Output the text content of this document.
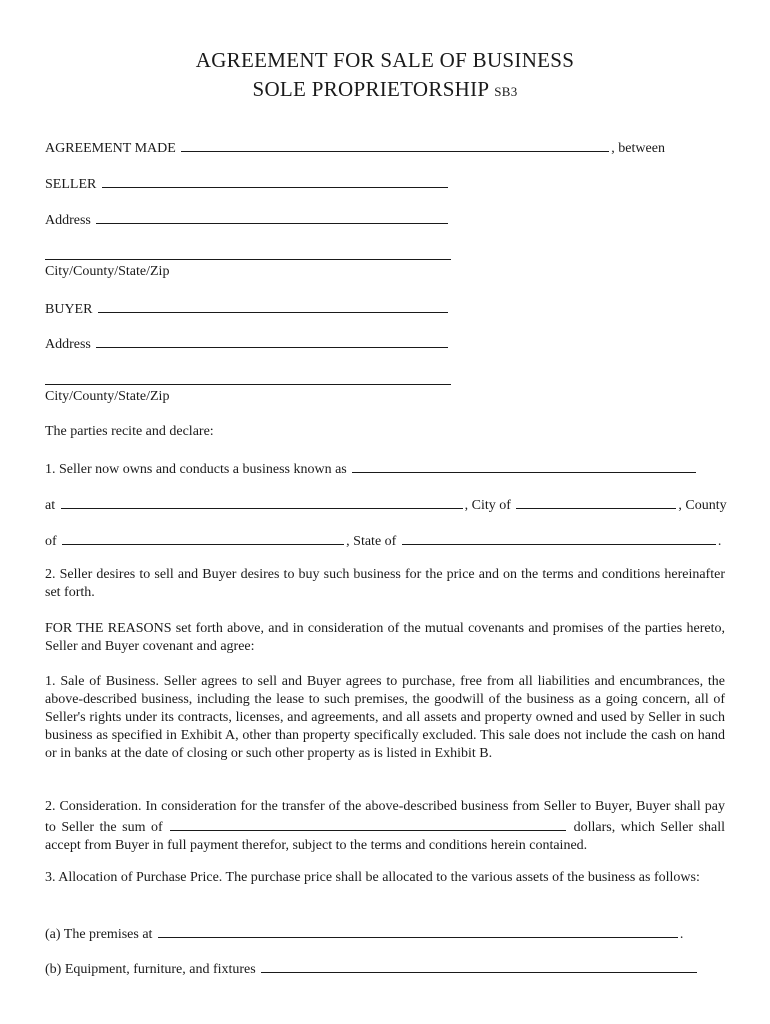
AGREEMENT FOR SALE OF BUSINESS
SOLE PROPRIETORSHIP SB3
AGREEMENT MADE	, between
SELLER
Address
City/County/State/Zip
BUYER
Address
City/County/State/Zip
The parties recite and declare:
1. Seller now owns and conducts a business known as
at	, City of	, County
of	, State of	.
2. Seller desires to sell and Buyer desires to buy such business for the price and on the terms and conditions hereinafter set forth.
FOR THE REASONS set forth above, and in consideration of the mutual covenants and promises of the parties hereto, Seller and Buyer covenant and agree:
1. Sale of Business. Seller agrees to sell and Buyer agrees to purchase, free from all liabilities and encumbrances, the above-described business, including the lease to such premises, the goodwill of the business as a going concern, all of Seller's rights under its contracts, licenses, and agreements, and all assets and property owned and used by Seller in such business as specified in Exhibit A, other than property specifically excluded. This sale does not include the cash on hand or in banks at the date of closing or such other property as is listed in Exhibit B.
2. Consideration. In consideration for the transfer of the above-described business from Seller to Buyer, Buyer shall pay to Seller the sum of	dollars, which Seller shall accept from Buyer in full payment therefor, subject to the terms and conditions herein contained.
3. Allocation of Purchase Price. The purchase price shall be allocated to the various assets of the business as follows:
(a) The premises at	.
(b) Equipment, furniture, and fixtures
